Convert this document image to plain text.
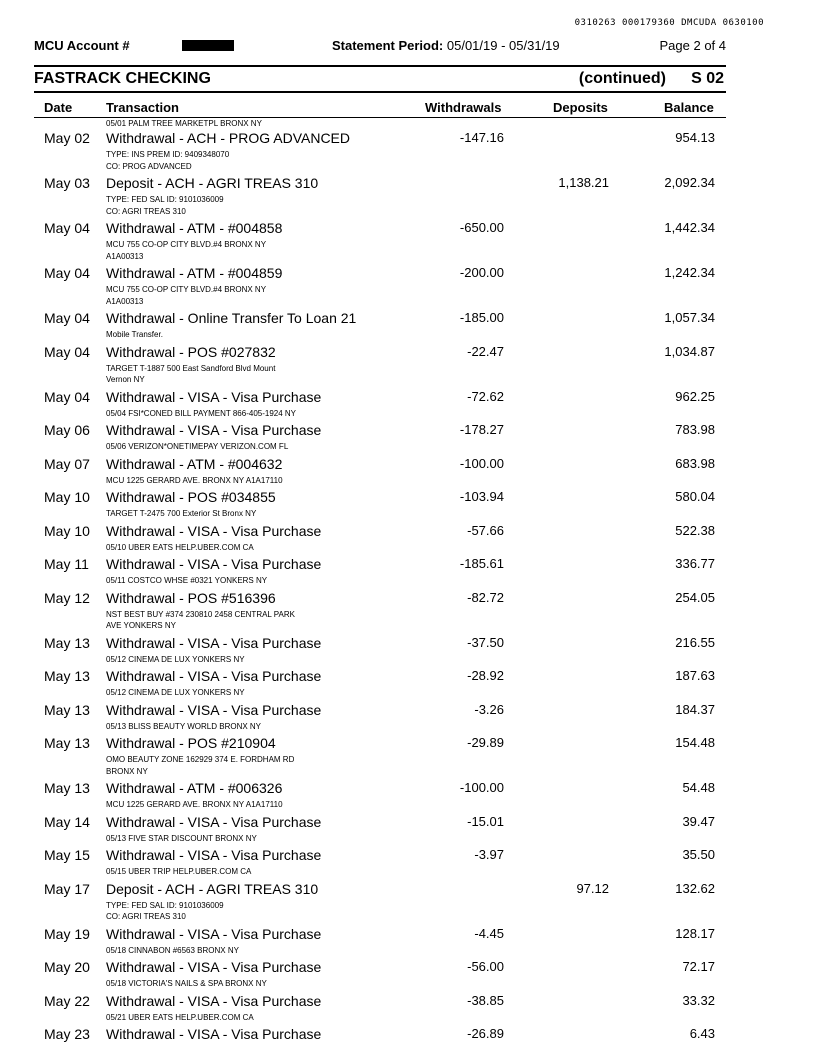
0310263 000179360 DMCUDA 0630100
MCU Account #	Statement Period: 05/01/19 - 05/31/19	Page 2 of 4
FASTRACK CHECKING	(continued) S 02
Date	Transaction	Withdrawals	Deposits	Balance
05/01 PALM TREE MARKETPL BRONX NY
May 02 Withdrawal - ACH - PROG ADVANCED	-147.16	954.13
TYPE: INS PREM ID: 9409348070
CO: PROG ADVANCED
May 03 Deposit - ACH - AGRI TREAS 310	1,138.21	2,092.34
TYPE: FED SAL ID: 9101036009
CO: AGRI TREAS 310
May 04 Withdrawal - ATM - #004858	-650.00	1,442.34
MCU 755 CO-OP CITY BLVD.#4 BRONX NY
A1A00313
May 04 Withdrawal - ATM - #004859	-200.00	1,242.34
MCU 755 CO-OP CITY BLVD.#4 BRONX NY
A1A00313
May 04 Withdrawal - Online Transfer To Loan 21	-185.00	1,057.34
Mobile Transfer.
May 04 Withdrawal - POS #027832	-22.47	1,034.87
TARGET T-1887 500 East Sandford Blvd Mount
Vernon NY
May 04 Withdrawal - VISA - Visa Purchase	-72.62	962.25
05/04 FSI*CONED BILL PAYMENT 866-405-1924 NY
May 06 Withdrawal - VISA - Visa Purchase	-178.27	783.98
05/06 VERIZON*ONETIMEPAY VERIZON.COM FL
May 07 Withdrawal - ATM - #004632	-100.00	683.98
MCU 1225 GERARD AVE. BRONX NY A1A17110
May 10 Withdrawal - POS #034855	-103.94	580.04
TARGET T-2475 700 Exterior St Bronx NY
May 10 Withdrawal - VISA - Visa Purchase	-57.66	522.38
05/10 UBER EATS HELP.UBER.COM CA
May 11 Withdrawal - VISA - Visa Purchase	-185.61	336.77
05/11 COSTCO WHSE #0321 YONKERS NY
May 12 Withdrawal - POS #516396	-82.72	254.05
NST BEST BUY #374 230810 2458 CENTRAL PARK
AVE YONKERS NY
May 13 Withdrawal - VISA - Visa Purchase	-37.50	216.55
05/12 CINEMA DE LUX YONKERS NY
May 13 Withdrawal - VISA - Visa Purchase	-28.92	187.63
05/12 CINEMA DE LUX YONKERS NY
May 13 Withdrawal - VISA - Visa Purchase	-3.26	184.37
05/13 BLISS BEAUTY WORLD BRONX NY
May 13 Withdrawal - POS #210904	-29.89	154.48
OMO BEAUTY ZONE 162929 374 E. FORDHAM RD
BRONX NY
May 13 Withdrawal - ATM - #006326	-100.00	54.48
MCU 1225 GERARD AVE. BRONX NY A1A17110
May 14 Withdrawal - VISA - Visa Purchase	-15.01	39.47
05/13 FIVE STAR DISCOUNT BRONX NY
May 15 Withdrawal - VISA - Visa Purchase	-3.97	35.50
05/15 UBER TRIP HELP.UBER.COM CA
May 17 Deposit - ACH - AGRI TREAS 310	97.12	132.62
TYPE: FED SAL ID: 9101036009
CO: AGRI TREAS 310
May 19 Withdrawal - VISA - Visa Purchase	-4.45	128.17
05/18 CINNABON #6563 BRONX NY
May 20 Withdrawal - VISA - Visa Purchase	-56.00	72.17
05/18 VICTORIA'S NAILS & SPA BRONX NY
May 22 Withdrawal - VISA - Visa Purchase	-38.85	33.32
05/21 UBER EATS HELP.UBER.COM CA
May 23 Withdrawal - VISA - Visa Purchase	-26.89	6.43
